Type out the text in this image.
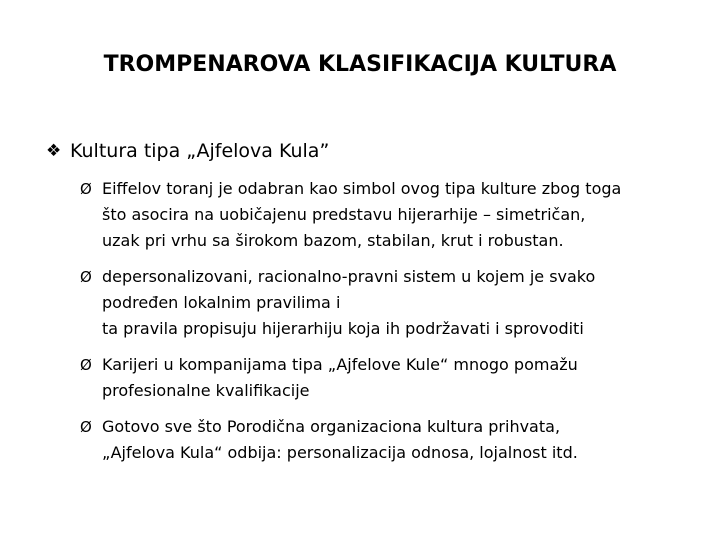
TROMPENAROVA KLASIFIKACIJA KULTURA
❖ Kultura tipa „Ajfelova Kula”
Ø Eiffelov toranj je odabran kao simbol ovog tipa kulture zbog toga
što asocira na uobičajenu predstavu hijerarhije – simetričan,
uzak pri vrhu sa širokom bazom, stabilan, krut i robustan.
Ø depersonalizovani, racionalno-pravni sistem u kojem je svako
podređen lokalnim pravilima i
ta pravila propisuju hijerarhiju koja ih podržavati i sprovoditi
Ø Karijeri u kompanijama tipa „Ajfelove Kule“ mnogo pomažu
profesionalne kvalifikacije
Ø Gotovo sve što Porodična organizaciona kultura prihvata,
„Ajfelova Kula“ odbija: personalizacija odnosa, lojalnost itd.
